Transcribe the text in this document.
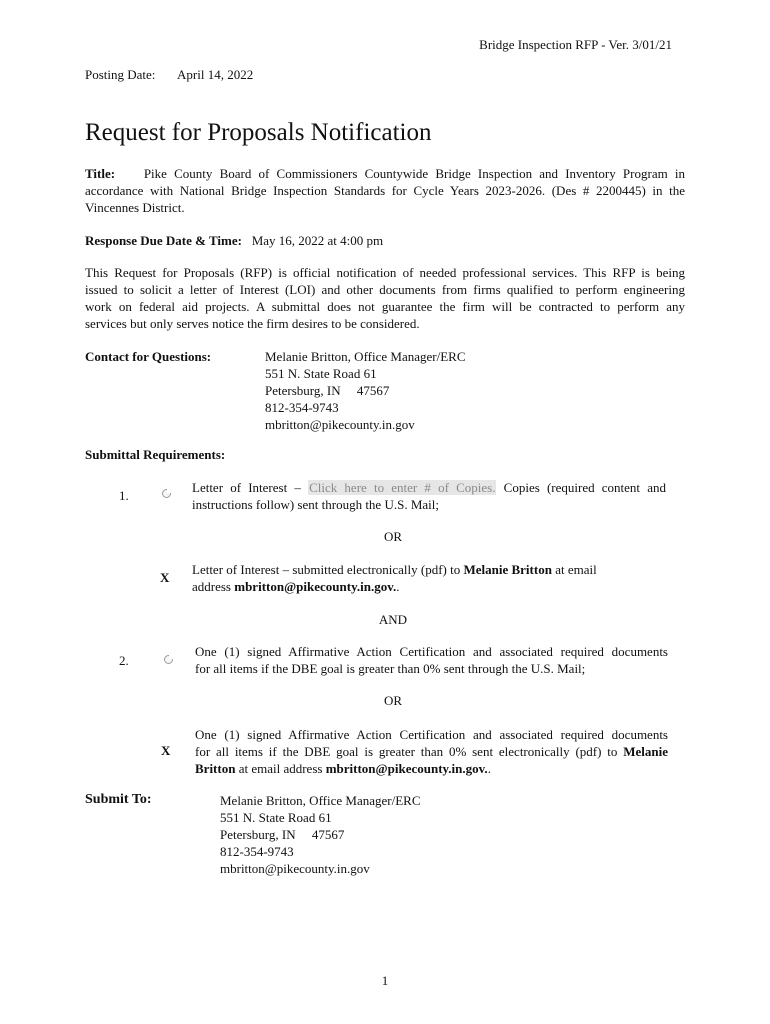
Bridge Inspection RFP - Ver. 3/01/21
Posting Date: April 14, 2022
Request for Proposals Notification
Title: Pike County Board of Commissioners Countywide Bridge Inspection and Inventory Program in
accordance with National Bridge Inspection Standards for Cycle Years 2023-2026. (Des # 2200445) in the
Vincennes District.
Response Due Date & Time: May 16, 2022 at 4:00 pm
This Request for Proposals (RFP) is official notification of needed professional services. This RFP is being
issued to solicit a letter of Interest (LOI) and other documents from firms qualified to perform engineering
work on federal aid projects. A submittal does not guarantee the firm will be contracted to perform any
services but only serves notice the firm desires to be considered.
Contact for Questions:	Melanie Britton, Office Manager/ERC
551 N. State Road 61
Petersburg, IN     47567
812-354-9743
mbritton@pikecounty.in.gov
Submittal Requirements:
1.
Letter of Interest – Click here to enter # of Copies. Copies (required content and
instructions follow) sent through the U.S. Mail;
OR
X
Letter of Interest – submitted electronically (pdf) to Melanie Britton at email
address mbritton@pikecounty.in.gov..
AND
2.
One (1) signed Affirmative Action Certification and associated required documents
for all items if the DBE goal is greater than 0% sent through the U.S. Mail;
OR
X
One (1) signed Affirmative Action Certification and associated required documents
for all items if the DBE goal is greater than 0% sent electronically (pdf) to Melanie
Britton at email address mbritton@pikecounty.in.gov..
Submit To:	Melanie Britton, Office Manager/ERC
551 N. State Road 61
Petersburg, IN     47567
812-354-9743
mbritton@pikecounty.in.gov
1
